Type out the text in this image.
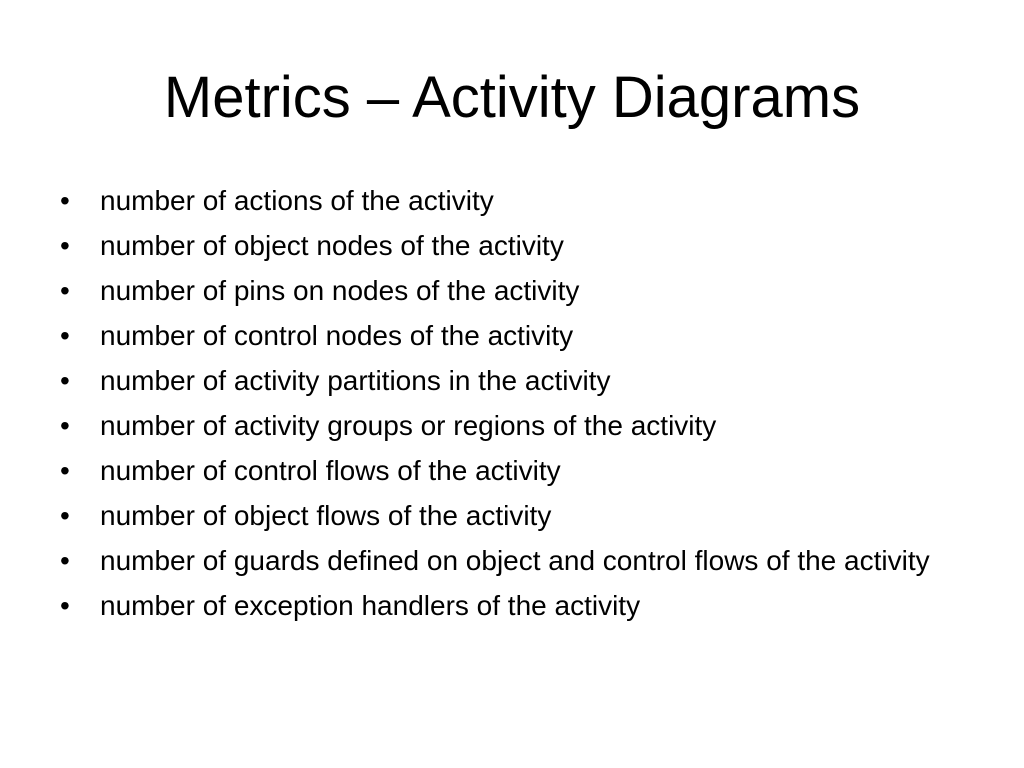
Metrics – Activity Diagrams
•	number of actions of the activity
•	number of object nodes of the activity
•	number of pins on nodes of the activity
•	number of control nodes of the activity
•	number of activity partitions in the activity
•	number of activity groups or regions of the activity
•	number of control flows of the activity
•	number of object flows of the activity
•	number of guards defined on object and control flows of the activity
•	number of exception handlers of the activity
